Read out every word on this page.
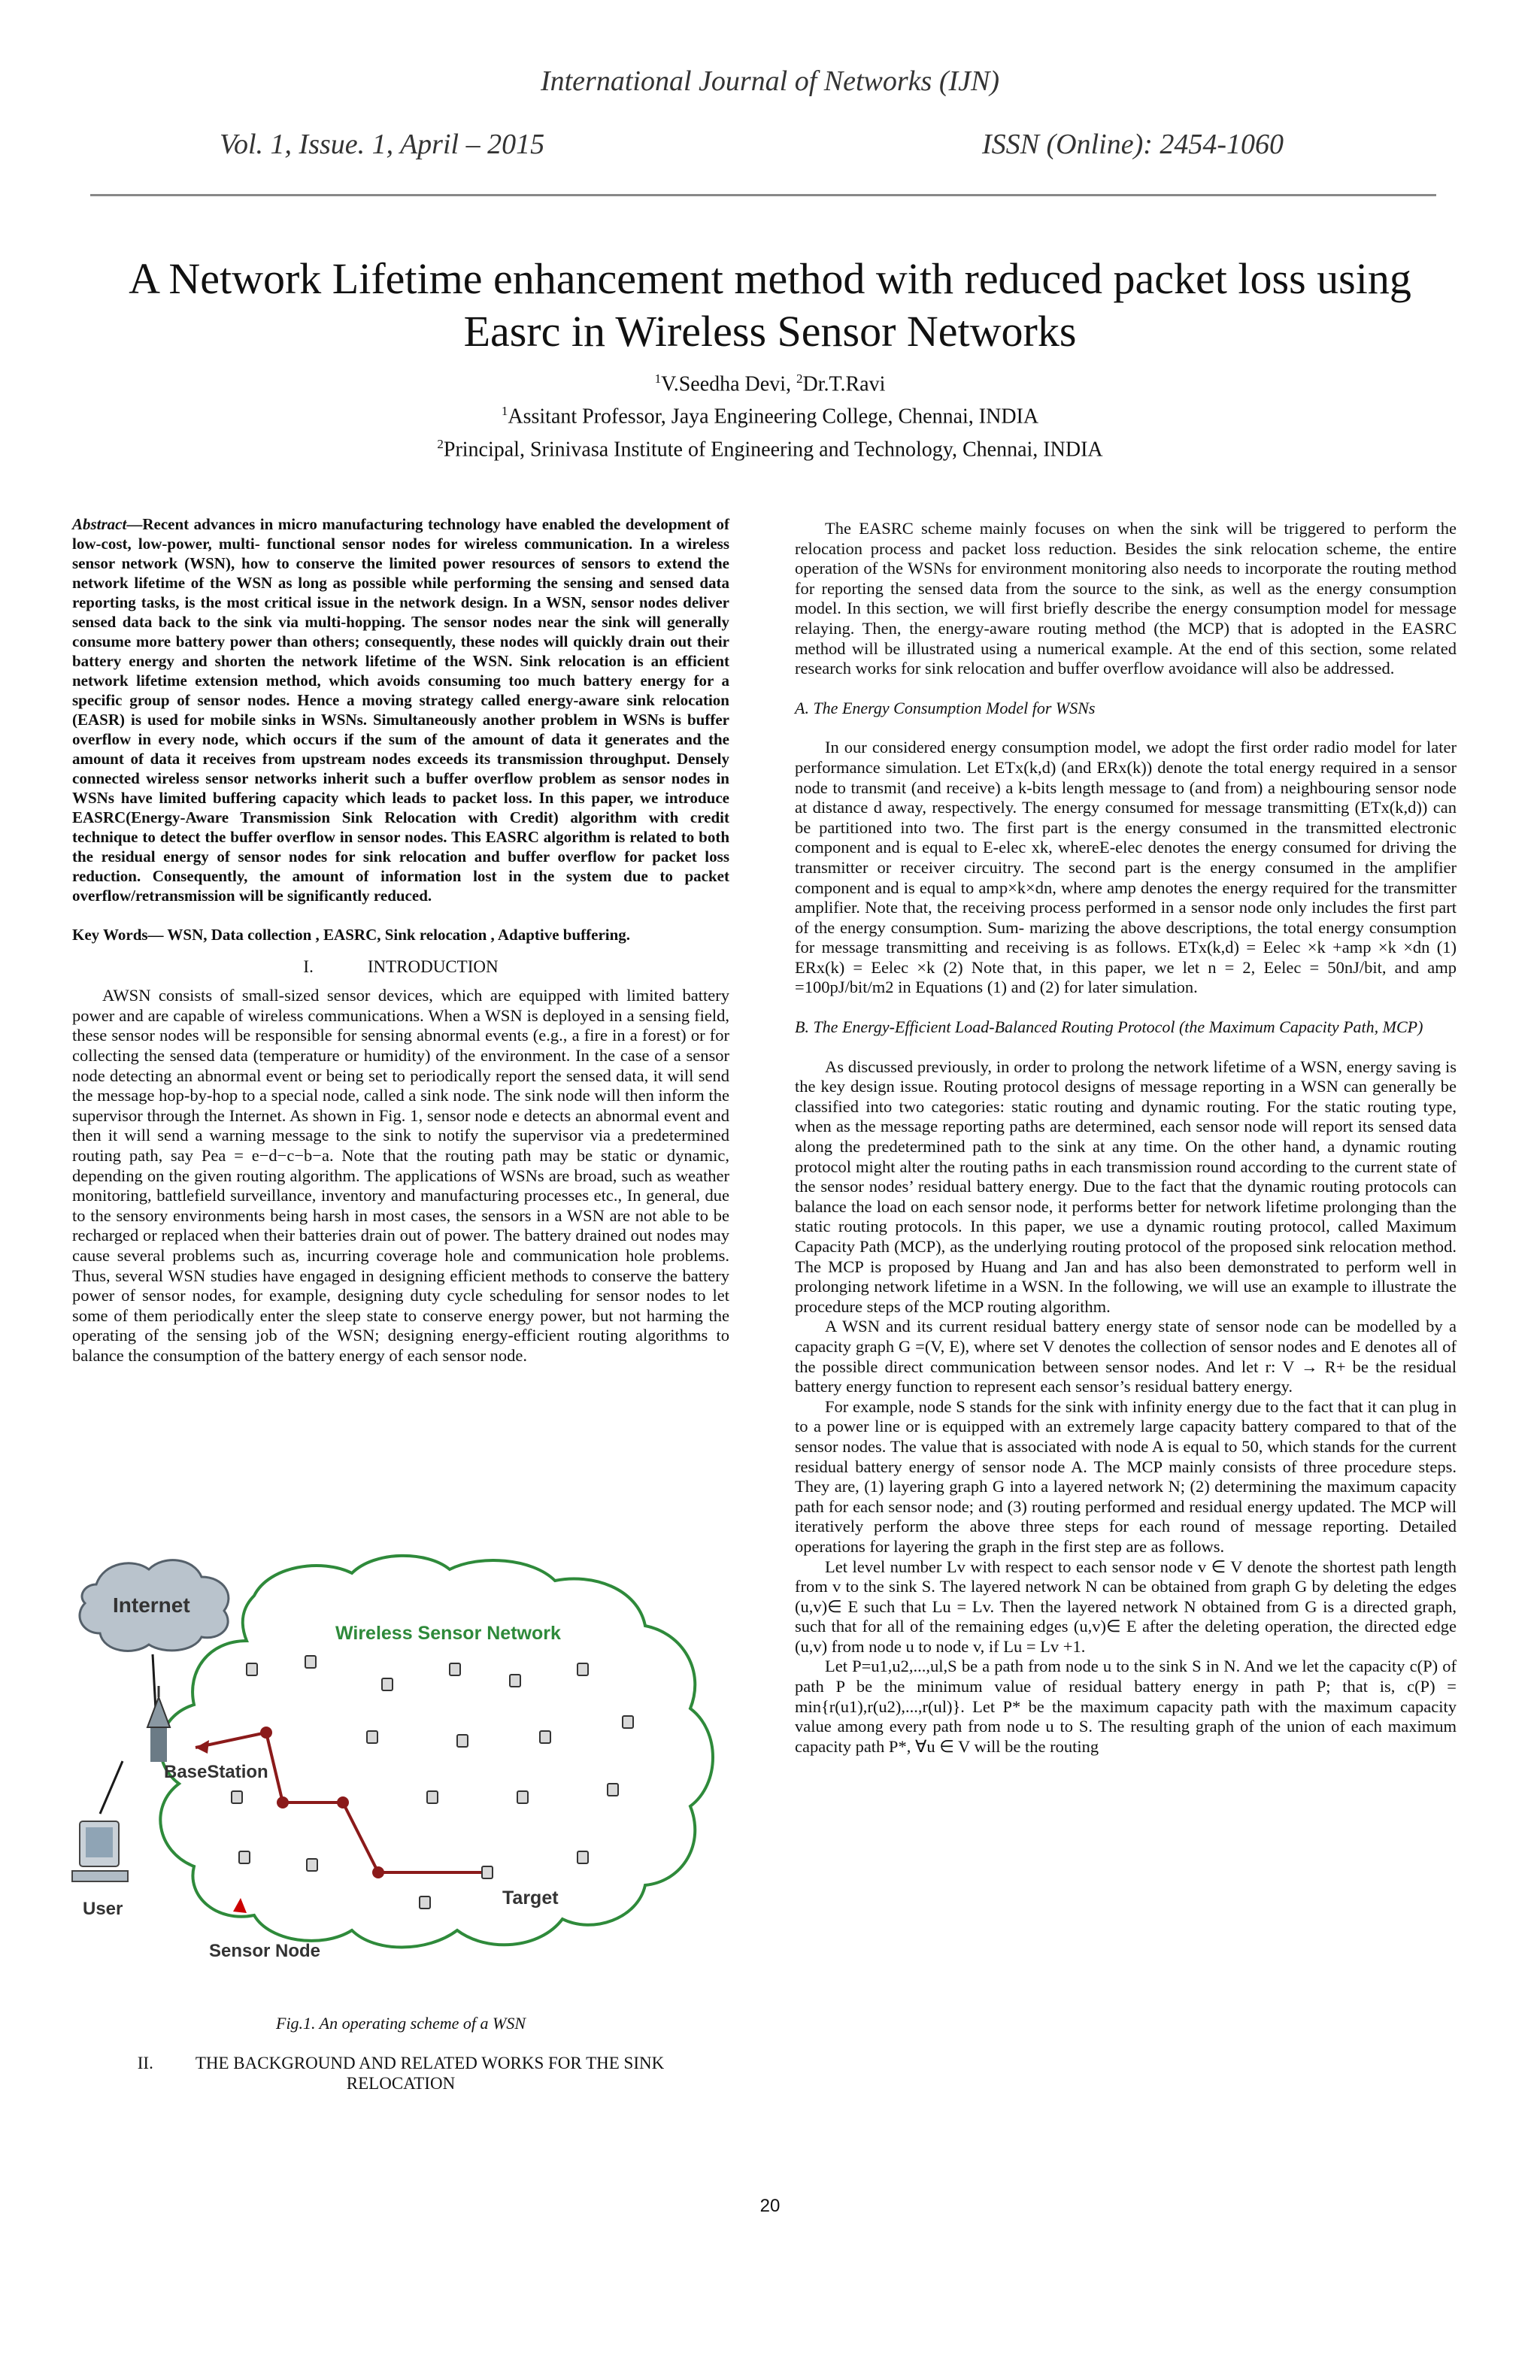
International Journal of Networks (IJN)
Vol. 1, Issue. 1, April – 2015	ISSN (Online): 2454-1060
A Network Lifetime enhancement method with reduced packet loss using Easrc in Wireless Sensor Networks
$^1$V.Seedha Devi, $^2$Dr.T.Ravi
$^1$Assitant Professor, Jaya Engineering College, Chennai, INDIA
$^2$Principal, Srinivasa Institute of Engineering and Technology, Chennai, INDIA

Abstract—Recent advances in micro manufacturing technology have enabled the development of low-cost, low-power, multi- functional sensor nodes for wireless communication. In a wireless sensor network (WSN), how to conserve the limited power resources of sensors to extend the network lifetime of the WSN as long as possible while performing the sensing and sensed data reporting tasks, is the most critical issue in the network design. In a WSN, sensor nodes deliver sensed data back to the sink via multi-hopping. The sensor nodes near the sink will generally consume more battery power than others; consequently, these nodes will quickly drain out their battery energy and shorten the network lifetime of the WSN. Sink relocation is an efficient network lifetime extension method, which avoids consuming too much battery energy for a specific group of sensor nodes. Hence a moving strategy called energy-aware sink relocation (EASR) is used for mobile sinks in WSNs. Simultaneously another problem in WSNs is buffer overflow in every node, which occurs if the sum of the amount of data it generates and the amount of data it receives from upstream nodes exceeds its transmission throughput. Densely connected wireless sensor networks inherit such a buffer overflow problem as sensor nodes in WSNs have limited buffering capacity which leads to packet loss. In this paper, we introduce EASRC(Energy-Aware Transmission Sink Relocation with Credit) algorithm with credit technique to detect the buffer overflow in sensor nodes. This EASRC algorithm is related to both the residual energy of sensor nodes for sink relocation and buffer overflow for packet loss reduction. Consequently, the amount of information lost in the system due to packet overflow/retransmission will be significantly reduced.

Key Words— WSN, Data collection , EASRC, Sink relocation , Adaptive buffering.

I.	INTRODUCTION

AWSN consists of small-sized sensor devices, which are equipped with limited battery power and are capable of wireless communications. When a WSN is deployed in a sensing field, these sensor nodes will be responsible for sensing abnormal events (e.g., a fire in a forest) or for collecting the sensed data (temperature or humidity) of the environment. In the case of a sensor node detecting an abnormal event or being set to periodically report the sensed data, it will send the message hop-by-hop to a special node, called a sink node. The sink node will then inform the supervisor through the Internet. As shown in Fig. 1, sensor node e detects an abnormal event and then it will send a warning message to the sink to notify the supervisor via a predetermined routing path, say Pea = e−d−c−b−a. Note that the routing path may be static or dynamic, depending on the given routing algorithm. The applications of WSNs are broad, such as weather monitoring, battlefield surveillance, inventory and manufacturing processes etc., In general, due to the sensory environments being harsh in most cases, the sensors in a WSN are not able to be recharged or replaced when their batteries drain out of power. The battery drained out nodes may cause several problems such as, incurring coverage hole and communication hole problems. Thus, several WSN studies have engaged in designing efficient methods to conserve the battery power of sensor nodes, for example, designing duty cycle scheduling for sensor nodes to let some of them periodically enter the sleep state to conserve energy power, but not harming the operating of the sensing job of the WSN; designing energy-efficient routing algorithms to balance the consumption of the battery energy of each sensor node.

Internet
BaseStation
User
Wireless Sensor Network
Target
Sensor Node
Fig.1. An operating scheme of a WSN
II. THE BACKGROUND AND RELATED WORKS FOR THE SINK
RELOCATION

The EASRC scheme mainly focuses on when the sink will be triggered to perform the relocation process and packet loss reduction. Besides the sink relocation scheme, the entire operation of the WSNs for environment monitoring also needs to incorporate the routing method for reporting the sensed data from the source to the sink, as well as the energy consumption model. In this section, we will first briefly describe the energy consumption model for message relaying. Then, the energy-aware routing method (the MCP) that is adopted in the EASRC method will be illustrated using a numerical example. At the end of this section, some related research works for sink relocation and buffer overflow avoidance will also be addressed.

A. The Energy Consumption Model for WSNs

In our considered energy consumption model, we adopt the first order radio model for later performance simulation. Let ETx(k,d) (and ERx(k)) denote the total energy required in a sensor node to transmit (and receive) a k-bits length message to (and from) a neighbouring sensor node at distance d away, respectively. The energy consumed for message transmitting (ETx(k,d)) can be partitioned into two. The first part is the energy consumed in the transmitted electronic component and is equal to E-elec xk, whereE-elec denotes the energy consumed for driving the transmitter or receiver circuitry. The second part is the energy consumed in the amplifier component and is equal to amp×k×dn, where amp denotes the energy required for the transmitter amplifier. Note that, the receiving process performed in a sensor node only includes the first part of the energy consumption. Sum- marizing the above descriptions, the total energy consumption for message transmitting and receiving is as follows. ETx(k,d) = Eelec ×k +amp ×k ×dn (1) ERx(k) = Eelec ×k (2) Note that, in this paper, we let n = 2, Eelec = 50nJ/bit, and amp =100pJ/bit/m2 in Equations (1) and (2) for later simulation.

B. The Energy-Efficient Load-Balanced Routing Protocol (the Maximum Capacity Path, MCP)

As discussed previously, in order to prolong the network lifetime of a WSN, energy saving is the key design issue. Routing protocol designs of message reporting in a WSN can generally be classified into two categories: static routing and dynamic routing. For the static routing type, when as the message reporting paths are determined, each sensor node will report its sensed data along the predetermined path to the sink at any time. On the other hand, a dynamic routing protocol might alter the routing paths in each transmission round according to the current state of the sensor nodes’ residual battery energy. Due to the fact that the dynamic routing protocols can balance the load on each sensor node, it performs better for network lifetime prolonging than the static routing protocols. In this paper, we use a dynamic routing protocol, called Maximum Capacity Path (MCP), as the underlying routing protocol of the proposed sink relocation method. The MCP is proposed by Huang and Jan and has also been demonstrated to perform well in prolonging network lifetime in a WSN. In the following, we will use an example to illustrate the procedure steps of the MCP routing algorithm.

A WSN and its current residual battery energy state of sensor node can be modelled by a capacity graph G =(V, E), where set V denotes the collection of sensor nodes and E denotes all of the possible direct communication between sensor nodes. And let r: V → R+ be the residual battery energy function to represent each sensor’s residual battery energy.

For example, node S stands for the sink with infinity energy due to the fact that it can plug in to a power line or is equipped with an extremely large capacity battery compared to that of the sensor nodes. The value that is associated with node A is equal to 50, which stands for the current residual battery energy of sensor node A. The MCP mainly consists of three procedure steps. They are, (1) layering graph G into a layered network N; (2) determining the maximum capacity path for each sensor node; and (3) routing performed and residual energy updated. The MCP will iteratively perform the above three steps for each round of message reporting. Detailed operations for layering the graph in the first step are as follows.

Let level number Lv with respect to each sensor node v ∈ V denote the shortest path length from v to the sink S. The layered network N can be obtained from graph G by deleting the edges (u,v)∈ E such that Lu = Lv. Then the layered network N obtained from G is a directed graph, such that for all of the remaining edges (u,v)∈ E after the deleting operation, the directed edge (u,v) from node u to node v, if Lu = Lv +1.

Let P=u1,u2,...,ul,S be a path from node u to the sink S in N. And we let the capacity c(P) of path P be the minimum value of residual battery energy in path P; that is, c(P) = min{r(u1),r(u2),...,r(ul)}. Let P* be the maximum capacity path with the maximum capacity value among every path from node u to S. The resulting graph of the union of each maximum capacity path P*, ∀u ∈ V will be the routing

20
